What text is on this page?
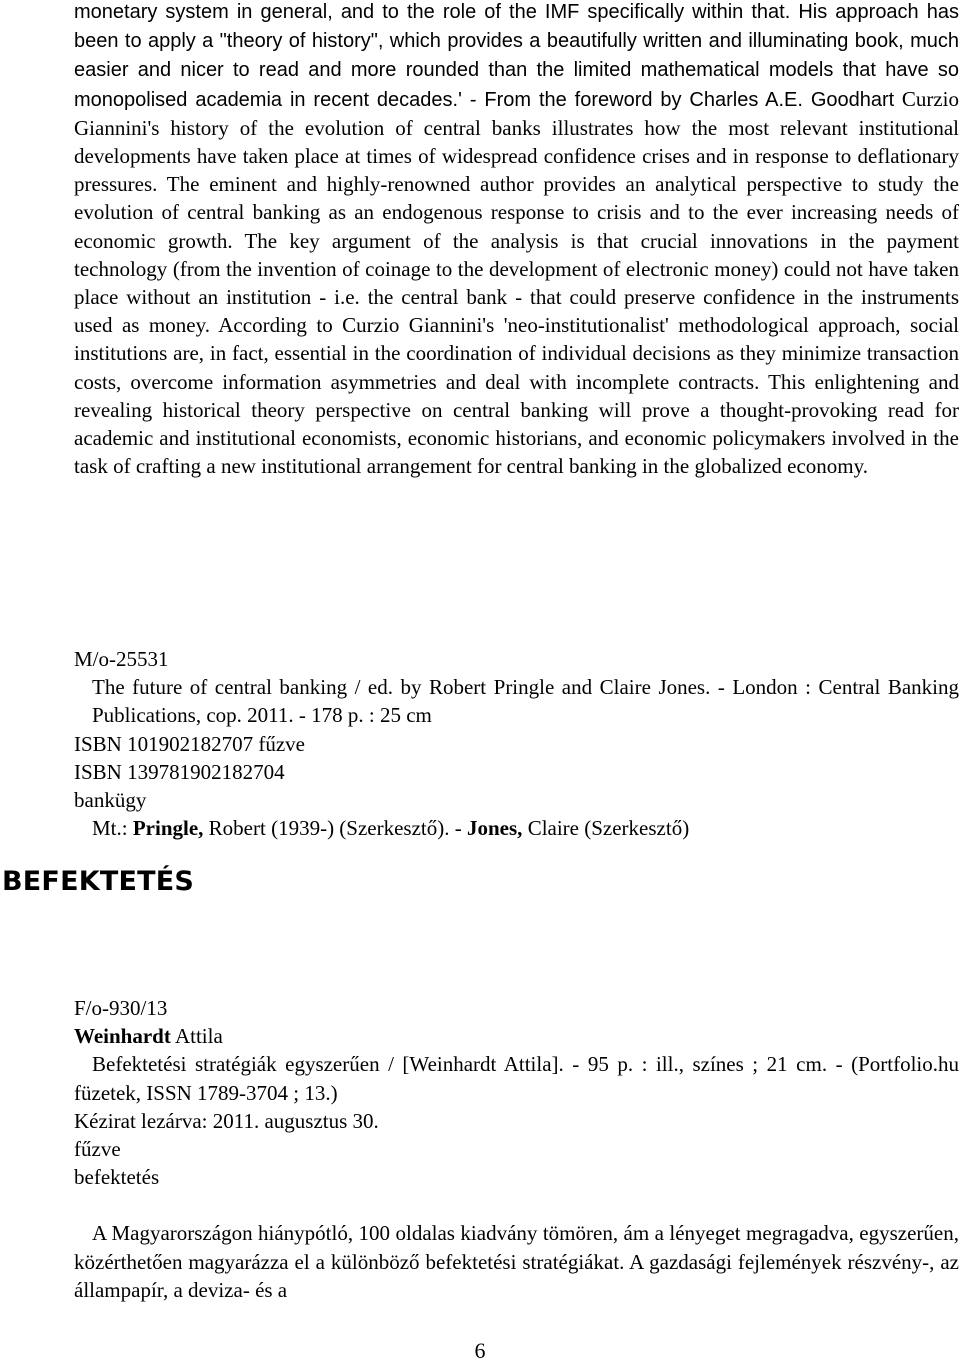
monetary system in general, and to the role of the IMF specifically within that. His approach has been to apply a "theory of history", which provides a beautifully written and illuminating book, much easier and nicer to read and more rounded than the limited mathematical models that have so monopolised academia in recent decades.' - From the foreword by Charles A.E. Goodhart Curzio Giannini's history of the evolution of central banks illustrates how the most relevant institutional developments have taken place at times of widespread confidence crises and in response to deflationary pressures. The eminent and highly-renowned author provides an analytical perspective to study the evolution of central banking as an endogenous response to crisis and to the ever increasing needs of economic growth. The key argument of the analysis is that crucial innovations in the payment technology (from the invention of coinage to the development of electronic money) could not have taken place without an institution - i.e. the central bank - that could preserve confidence in the instruments used as money. According to Curzio Giannini's 'neo-institutionalist' methodological approach, social institutions are, in fact, essential in the coordination of individual decisions as they minimize transaction costs, overcome information asymmetries and deal with incomplete contracts. This enlightening and revealing historical theory perspective on central banking will prove a thought-provoking read for academic and institutional economists, economic historians, and economic policymakers involved in the task of crafting a new institutional arrangement for central banking in the globalized economy.

M/o-25531

The future of central banking / ed. by Robert Pringle and Claire Jones. - London : Central Banking Publications, cop. 2011. - 178 p. : 25 cm

ISBN 101902182707 fűzve
ISBN 139781902182704
banküg​y
Mt.: Pringle, Robert (1939-) (Szerkesztő). - Jones, Claire (Szerkesztő)
BEFEKTETÉS
F/o-930/13
Weinhardt Attila

Befektetési stratégiák egyszerűen / [Weinhardt Attila]. - 95 p. : ill., színes ; 21 cm. - (Portfolio.hu füzetek, ISSN 1789-3704 ; 13.)

Kézirat lezárva: 2011. augusztus 30.
fűzve
befektetés

A Magyarországon hiánypótló, 100 oldalas kiadvány tömören, ám a lényeget megragadva, egyszerűen, közérthetően magyarázza el a különböző befektetési stratégiákat. A gazdasági fejlemények részvény-, az állampapír, a deviza- és a

6
